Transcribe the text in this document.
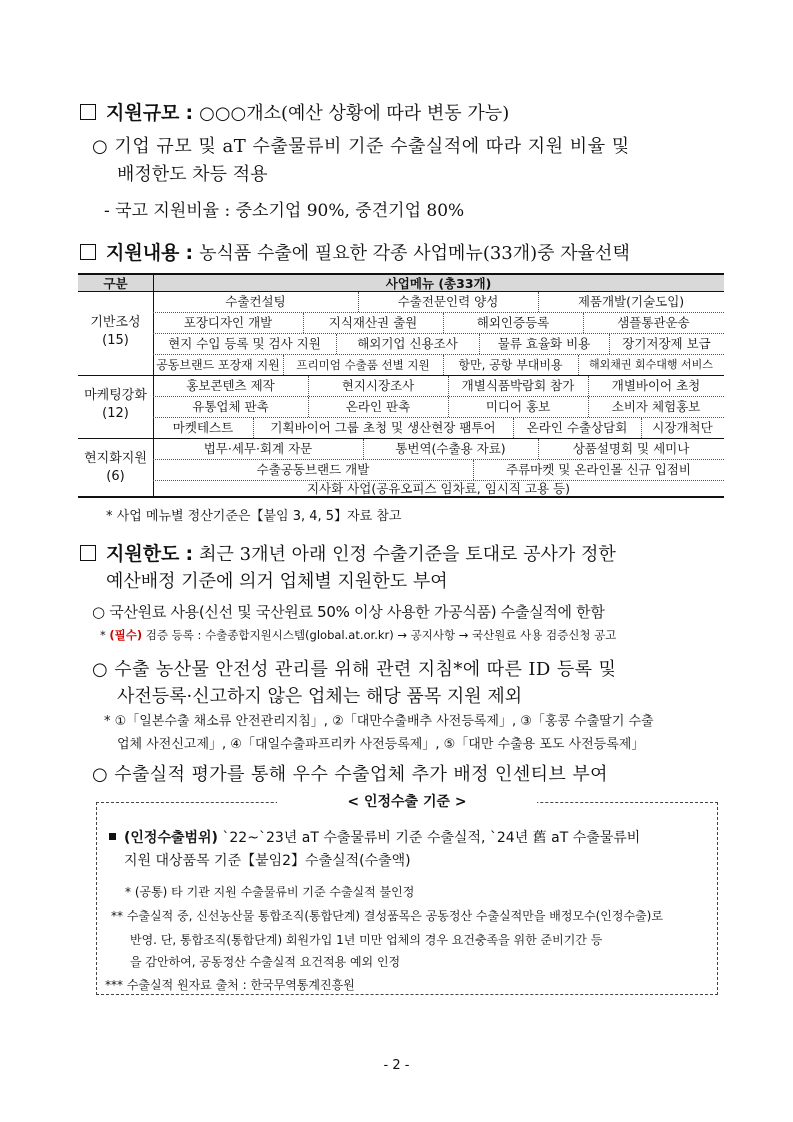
지원규모 : ○○○개소(예산 상황에 따라 변동 가능)
○ 기업 규모 및 aT 수출물류비 기준 수출실적에 따라 지원 비율 및
배정한도 차등 적용
- 국고 지원비율 : 중소기업 90%, 중견기업 80%
지원내용 : 농식품 수출에 필요한 각종 사업메뉴(33개)중 자율선택
구분	사업메뉴 (총33개)
기반조성
(15)
수출컨설팅	수출전문인력 양성	제품개발(기술도입)
포장디자인 개발	지식재산권 출원	해외인증등록	샘플통관운송
현지 수입 등록 및 검사 지원	해외기업 신용조사	물류 효율화 비용	장기저장제 보급
공동브랜드 포장재 지원	프리미엄 수출품 선별 지원	항만, 공항 부대비용	해외채권 회수대행 서비스
마케팅강화
(12)
홍보콘텐츠 제작	현지시장조사	개별식품박람회 참가	개별바이어 초청
유통업체 판촉	온라인 판촉	미디어 홍보	소비자 체험홍보
마켓테스트	기획바이어 그룹 초청 및 생산현장 팸투어	온라인 수출상담회	시장개척단
현지화지원
(6)
법무·세무·회계 자문	통번역(수출용 자료)	상품설명회 및 세미나
수출공동브랜드 개발	주류마켓 및 온라인몰 신규 입점비
지사화 사업(공유오피스 임차료, 임시직 고용 등)
* 사업 메뉴별 정산기준은【붙임 3, 4, 5】자료 참고
지원한도 : 최근 3개년 아래 인정 수출기준을 토대로 공사가 정한
예산배정 기준에 의거 업체별 지원한도 부여
○ 국산원료 사용(신선 및 국산원료 50% 이상 사용한 가공식품) 수출실적에 한함
* (필수) 검증 등록 : 수출종합지원시스템(global.at.or.kr) → 공지사항 → 국산원료 사용 검증신청 공고
○ 수출 농산물 안전성 관리를 위해 관련 지침*에 따른 ID 등록 및
사전등록·신고하지 않은 업체는 해당 품목 지원 제외
* ①「일본수출 채소류 안전관리지침」, ②「대만수출배추 사전등록제」, ③「홍콩 수출딸기 수출
업체 사전신고제」, ④「대일수출파프리카 사전등록제」, ⑤「대만 수출용 포도 사전등록제」
○ 수출실적 평가를 통해 우수 수출업체 추가 배정 인센티브 부여
< 인정수출 기준 >
(인정수출범위) `22~`23년 aT 수출물류비 기준 수출실적, `24년 舊 aT 수출물류비
지원 대상품목 기준【붙임2】수출실적(수출액)
* (공통) 타 기관 지원 수출물류비 기준 수출실적 불인정
** 수출실적 중, 신선농산물 통합조직(통합단계) 결성품목은 공동정산 수출실적만을 배정모수(인정수출)로
반영. 단, 통합조직(통합단계) 회원가입 1년 미만 업체의 경우 요건충족을 위한 준비기간 등
을 감안하여, 공동정산 수출실적 요건적용 예외 인정
*** 수출실적 원자료 출처 : 한국무역통계진흥원
- 2 -
